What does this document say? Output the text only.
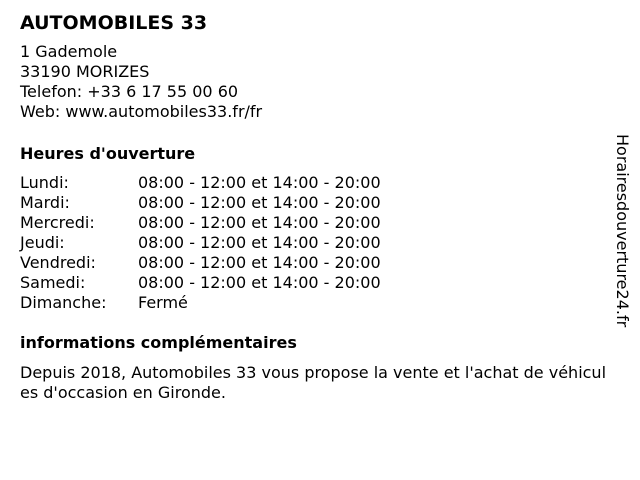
AUTOMOBILES 33
1 Gademole
33190 MORIZES
Telefon: +33 6 17 55 00 60
Web: www.automobiles33.fr/fr
Heures d'ouverture
Lundi:	08:00 - 12:00 et 14:00 - 20:00
Mardi:	08:00 - 12:00 et 14:00 - 20:00
Mercredi:	08:00 - 12:00 et 14:00 - 20:00
Jeudi:	08:00 - 12:00 et 14:00 - 20:00
Vendredi:	08:00 - 12:00 et 14:00 - 20:00
Samedi:	08:00 - 12:00 et 14:00 - 20:00
Dimanche:	Fermé
informations complémentaires
Depuis 2018, Automobiles 33 vous propose la vente et l'achat de véhicules d'occasion en Gironde.
Horairesdouverture24.fr
